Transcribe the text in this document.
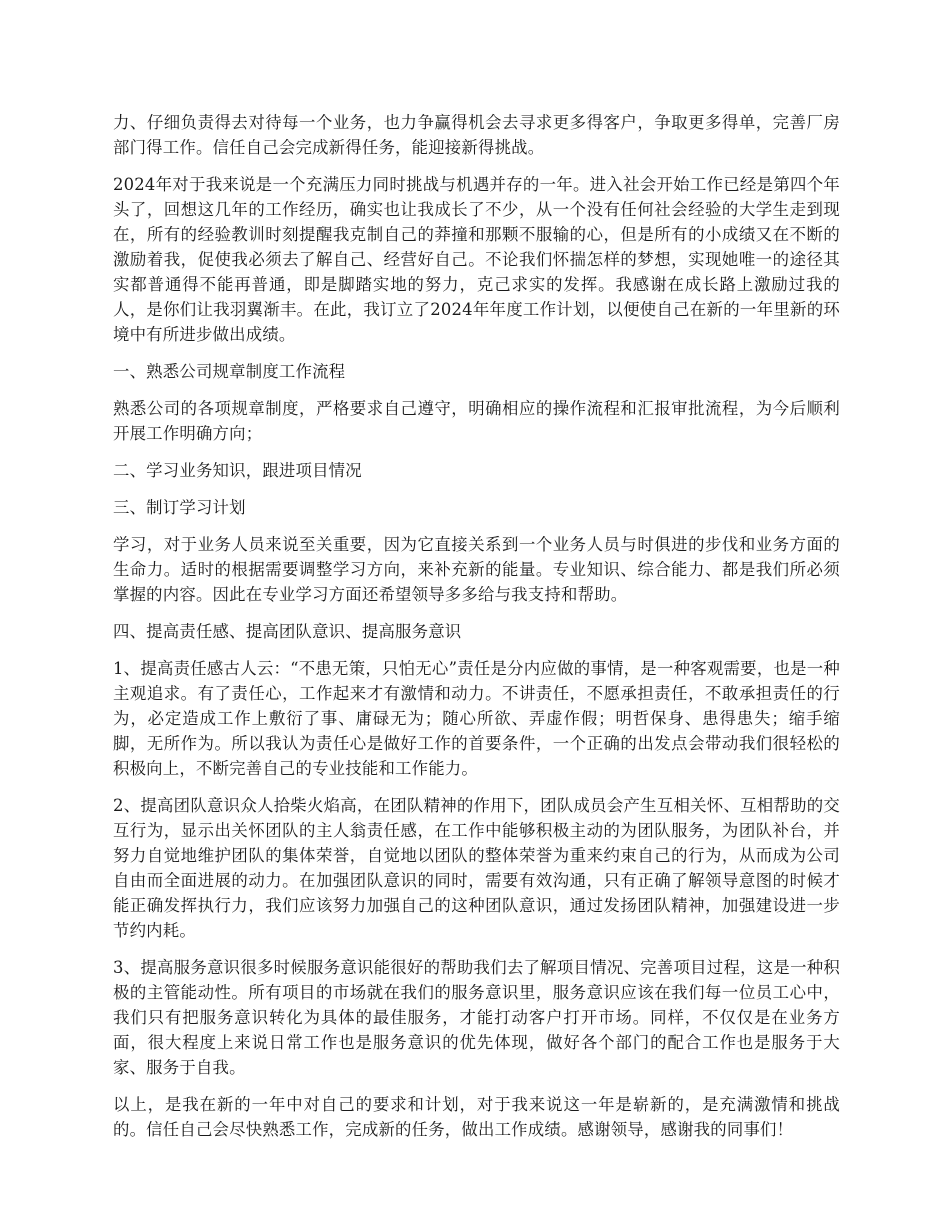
力、仔细负责得去对待每一个业务，也力争赢得机会去寻求更多得客户，争取更多得单，完善厂房部门得工作。信任自己会完成新得任务，能迎接新得挑战。

2024年对于我来说是一个充满压力同时挑战与机遇并存的一年。进入社会开始工作已经是第四个年头了，回想这几年的工作经历，确实也让我成长了不少，从一个没有任何社会经验的大学生走到现在，所有的经验教训时刻提醒我克制自己的莽撞和那颗不服输的心，但是所有的小成绩又在不断的激励着我，促使我必须去了解自己、经营好自己。不论我们怀揣怎样的梦想，实现她唯一的途径其实都普通得不能再普通，即是脚踏实地的努力，克己求实的发挥。我感谢在成长路上激励过我的人，是你们让我羽翼渐丰。在此，我订立了2024年年度工作计划，以便使自己在新的一年里新的环境中有所进步做出成绩。

一、熟悉公司规章制度工作流程

熟悉公司的各项规章制度，严格要求自己遵守，明确相应的操作流程和汇报审批流程，为今后顺利开展工作明确方向；

二、学习业务知识，跟进项目情况

三、制订学习计划

学习，对于业务人员来说至关重要，因为它直接关系到一个业务人员与时俱进的步伐和业务方面的生命力。适时的根据需要调整学习方向，来补充新的能量。专业知识、综合能力、都是我们所必须掌握的内容。因此在专业学习方面还希望领导多多给与我支持和帮助。

四、提高责任感、提高团队意识、提高服务意识

1、提高责任感古人云：“不患无策，只怕无心”责任是分内应做的事情，是一种客观需要，也是一种主观追求。有了责任心，工作起来才有激情和动力。不讲责任，不愿承担责任，不敢承担责任的行为，必定造成工作上敷衍了事、庸碌无为；随心所欲、弄虚作假；明哲保身、患得患失；缩手缩脚，无所作为。所以我认为责任心是做好工作的首要条件，一个正确的出发点会带动我们很轻松的积极向上，不断完善自己的专业技能和工作能力。

2、提高团队意识众人拾柴火焰高，在团队精神的作用下，团队成员会产生互相关怀、互相帮助的交互行为，显示出关怀团队的主人翁责任感，在工作中能够积极主动的为团队服务，为团队补台，并努力自觉地维护团队的集体荣誉，自觉地以团队的整体荣誉为重来约束自己的行为，从而成为公司自由而全面进展的动力。在加强团队意识的同时，需要有效沟通，只有正确了解领导意图的时候才能正确发挥执行力，我们应该努力加强自己的这种团队意识，通过发扬团队精神，加强建设进一步节约内耗。

3、提高服务意识很多时候服务意识能很好的帮助我们去了解项目情况、完善项目过程，这是一种积极的主管能动性。所有项目的市场就在我们的服务意识里，服务意识应该在我们每一位员工心中，我们只有把服务意识转化为具体的最佳服务，才能打动客户打开市场。同样，不仅仅是在业务方面，很大程度上来说日常工作也是服务意识的优先体现，做好各个部门的配合工作也是服务于大家、服务于自我。

以上，是我在新的一年中对自己的要求和计划，对于我来说这一年是崭新的，是充满激情和挑战的。信任自己会尽快熟悉工作，完成新的任务，做出工作成绩。感谢领导，感谢我的同事们！
